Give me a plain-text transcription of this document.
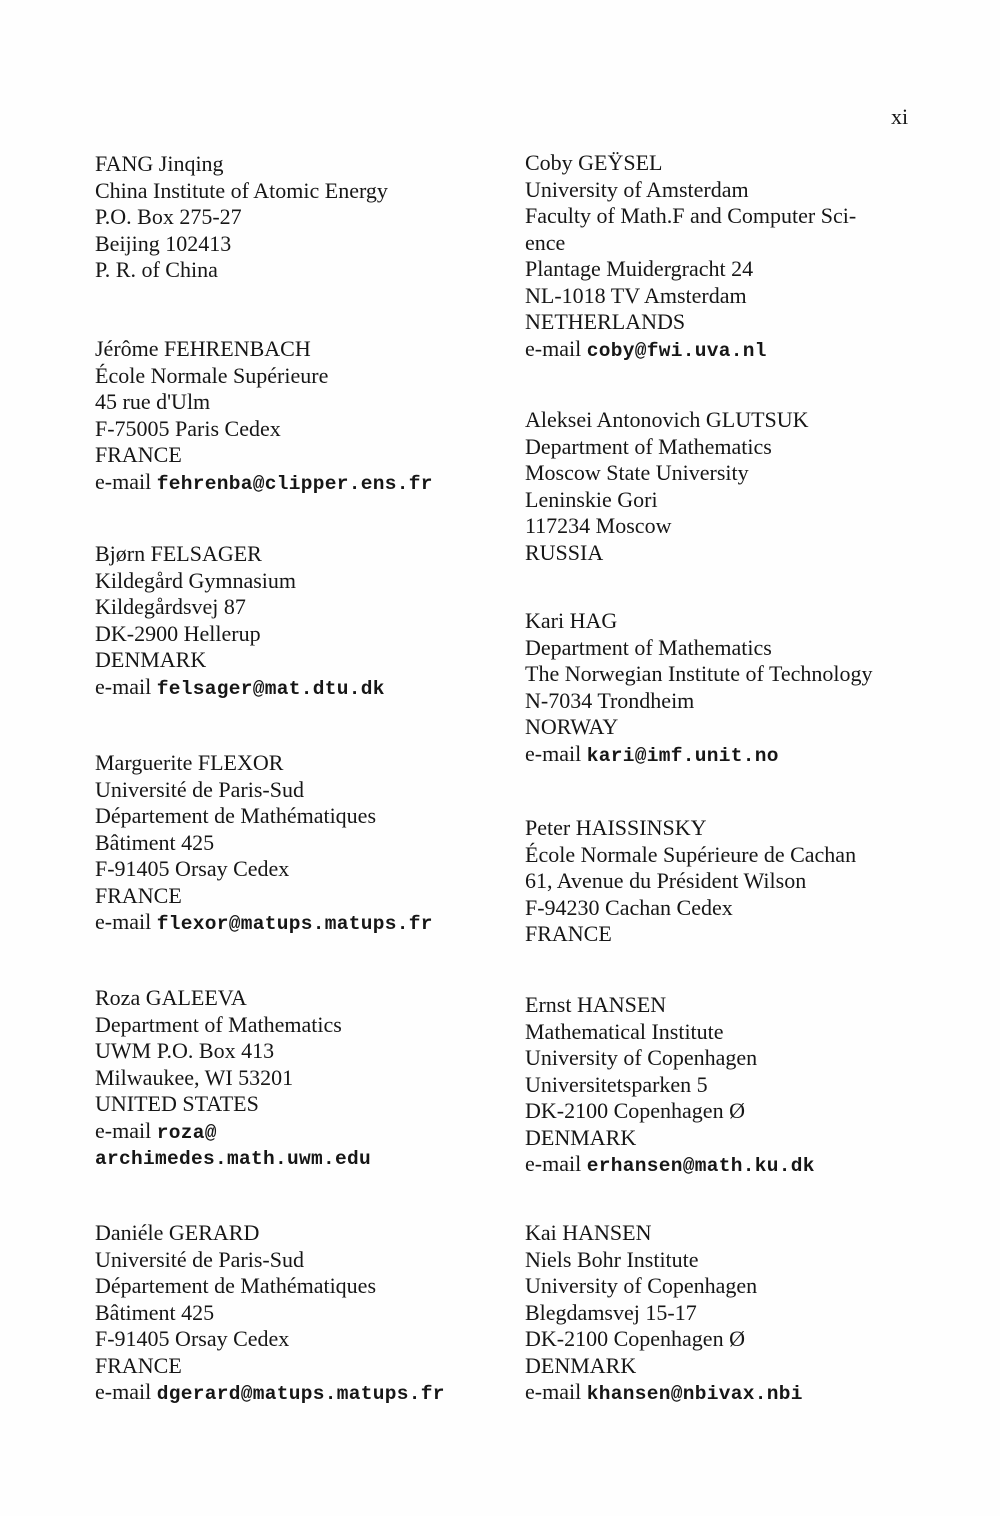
xi
FANG Jinqing
China Institute of Atomic Energy
P.O. Box 275-27
Beijing 102413
P. R. of China
Jérôme FEHRENBACH
École Normale Supérieure
45 rue d'Ulm
F-75005 Paris Cedex
FRANCE
e-mail fehrenba@clipper.ens.fr
Bjørn FELSAGER
Kildegård Gymnasium
Kildegårdsvej 87
DK-2900 Hellerup
DENMARK
e-mail felsager@mat.dtu.dk
Marguerite FLEXOR
Université de Paris-Sud
Département de Mathématiques
Bâtiment 425
F-91405 Orsay Cedex
FRANCE
e-mail flexor@matups.matups.fr
Roza GALEEVA
Department of Mathematics
UWM P.O. Box 413
Milwaukee, WI 53201
UNITED STATES
e-mail roza@
archimedes.math.uwm.edu
Daniéle GERARD
Université de Paris-Sud
Département de Mathématiques
Bâtiment 425
F-91405 Orsay Cedex
FRANCE
e-mail dgerard@matups.matups.fr
Coby GEŸSEL
University of Amsterdam
Faculty of Math.F and Computer Sci-
ence
Plantage Muidergracht 24
NL-1018 TV Amsterdam
NETHERLANDS
e-mail coby@fwi.uva.nl
Aleksei Antonovich GLUTSUK
Department of Mathematics
Moscow State University
Leninskie Gori
117234 Moscow
RUSSIA
Kari HAG
Department of Mathematics
The Norwegian Institute of Technology
N-7034 Trondheim
NORWAY
e-mail kari@imf.unit.no
Peter HAISSINSKY
École Normale Supérieure de Cachan
61, Avenue du Président Wilson
F-94230 Cachan Cedex
FRANCE
Ernst HANSEN
Mathematical Institute
University of Copenhagen
Universitetsparken 5
DK-2100 Copenhagen Ø
DENMARK
e-mail erhansen@math.ku.dk
Kai HANSEN
Niels Bohr Institute
University of Copenhagen
Blegdamsvej 15-17
DK-2100 Copenhagen Ø
DENMARK
e-mail khansen@nbivax.nbi
